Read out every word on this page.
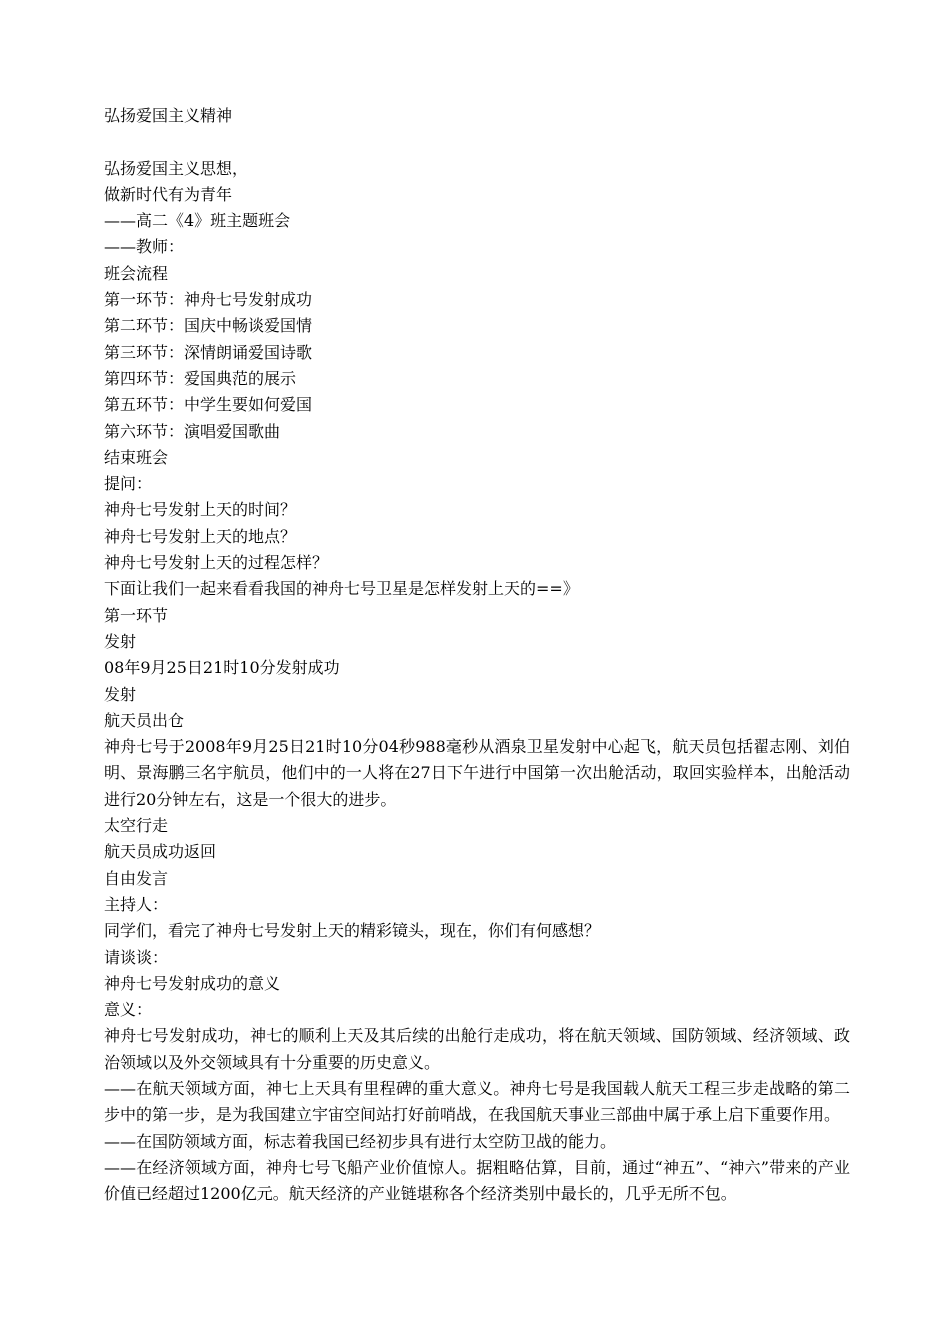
弘扬爱国主义精神

弘扬爱国主义思想，

做新时代有为青年

——高二《4》班主题班会

——教师：

班会流程

第一环节：神舟七号发射成功

第二环节：国庆中畅谈爱国情

第三环节：深情朗诵爱国诗歌

第四环节：爱国典范的展示

第五环节：中学生要如何爱国

第六环节：演唱爱国歌曲

结束班会

提问：

神舟七号发射上天的时间？

神舟七号发射上天的地点？

神舟七号发射上天的过程怎样？

下面让我们一起来看看我国的神舟七号卫星是怎样发射上天的==》

第一环节

发射

08年9月25日21时10分发射成功

发射

航天员出仓

神舟七号于2008年9月25日21时10分04秒988毫秒从酒泉卫星发射中心起飞，航天员包括翟志刚、刘伯明、景海鹏三名宇航员，他们中的一人将在27日下午进行中国第一次出舱活动，取回实验样本，出舱活动进行20分钟左右，这是一个很大的进步。

太空行走

航天员成功返回

自由发言

主持人：

同学们，看完了神舟七号发射上天的精彩镜头，现在，你们有何感想？

请谈谈：

神舟七号发射成功的意义

意义：

神舟七号发射成功，神七的顺利上天及其后续的出舱行走成功，将在航天领域、国防领域、经济领域、政治领域以及外交领域具有十分重要的历史意义。

——在航天领域方面，神七上天具有里程碑的重大意义。神舟七号是我国载人航天工程三步走战略的第二步中的第一步，是为我国建立宇宙空间站打好前哨战，在我国航天事业三部曲中属于承上启下重要作用。

——在国防领域方面，标志着我国已经初步具有进行太空防卫战的能力。

——在经济领域方面，神舟七号飞船产业价值惊人。据粗略估算，目前，通过“神五”、“神六”带来的产业价值已经超过1200亿元。航天经济的产业链堪称各个经济类别中最长的，几乎无所不包。
